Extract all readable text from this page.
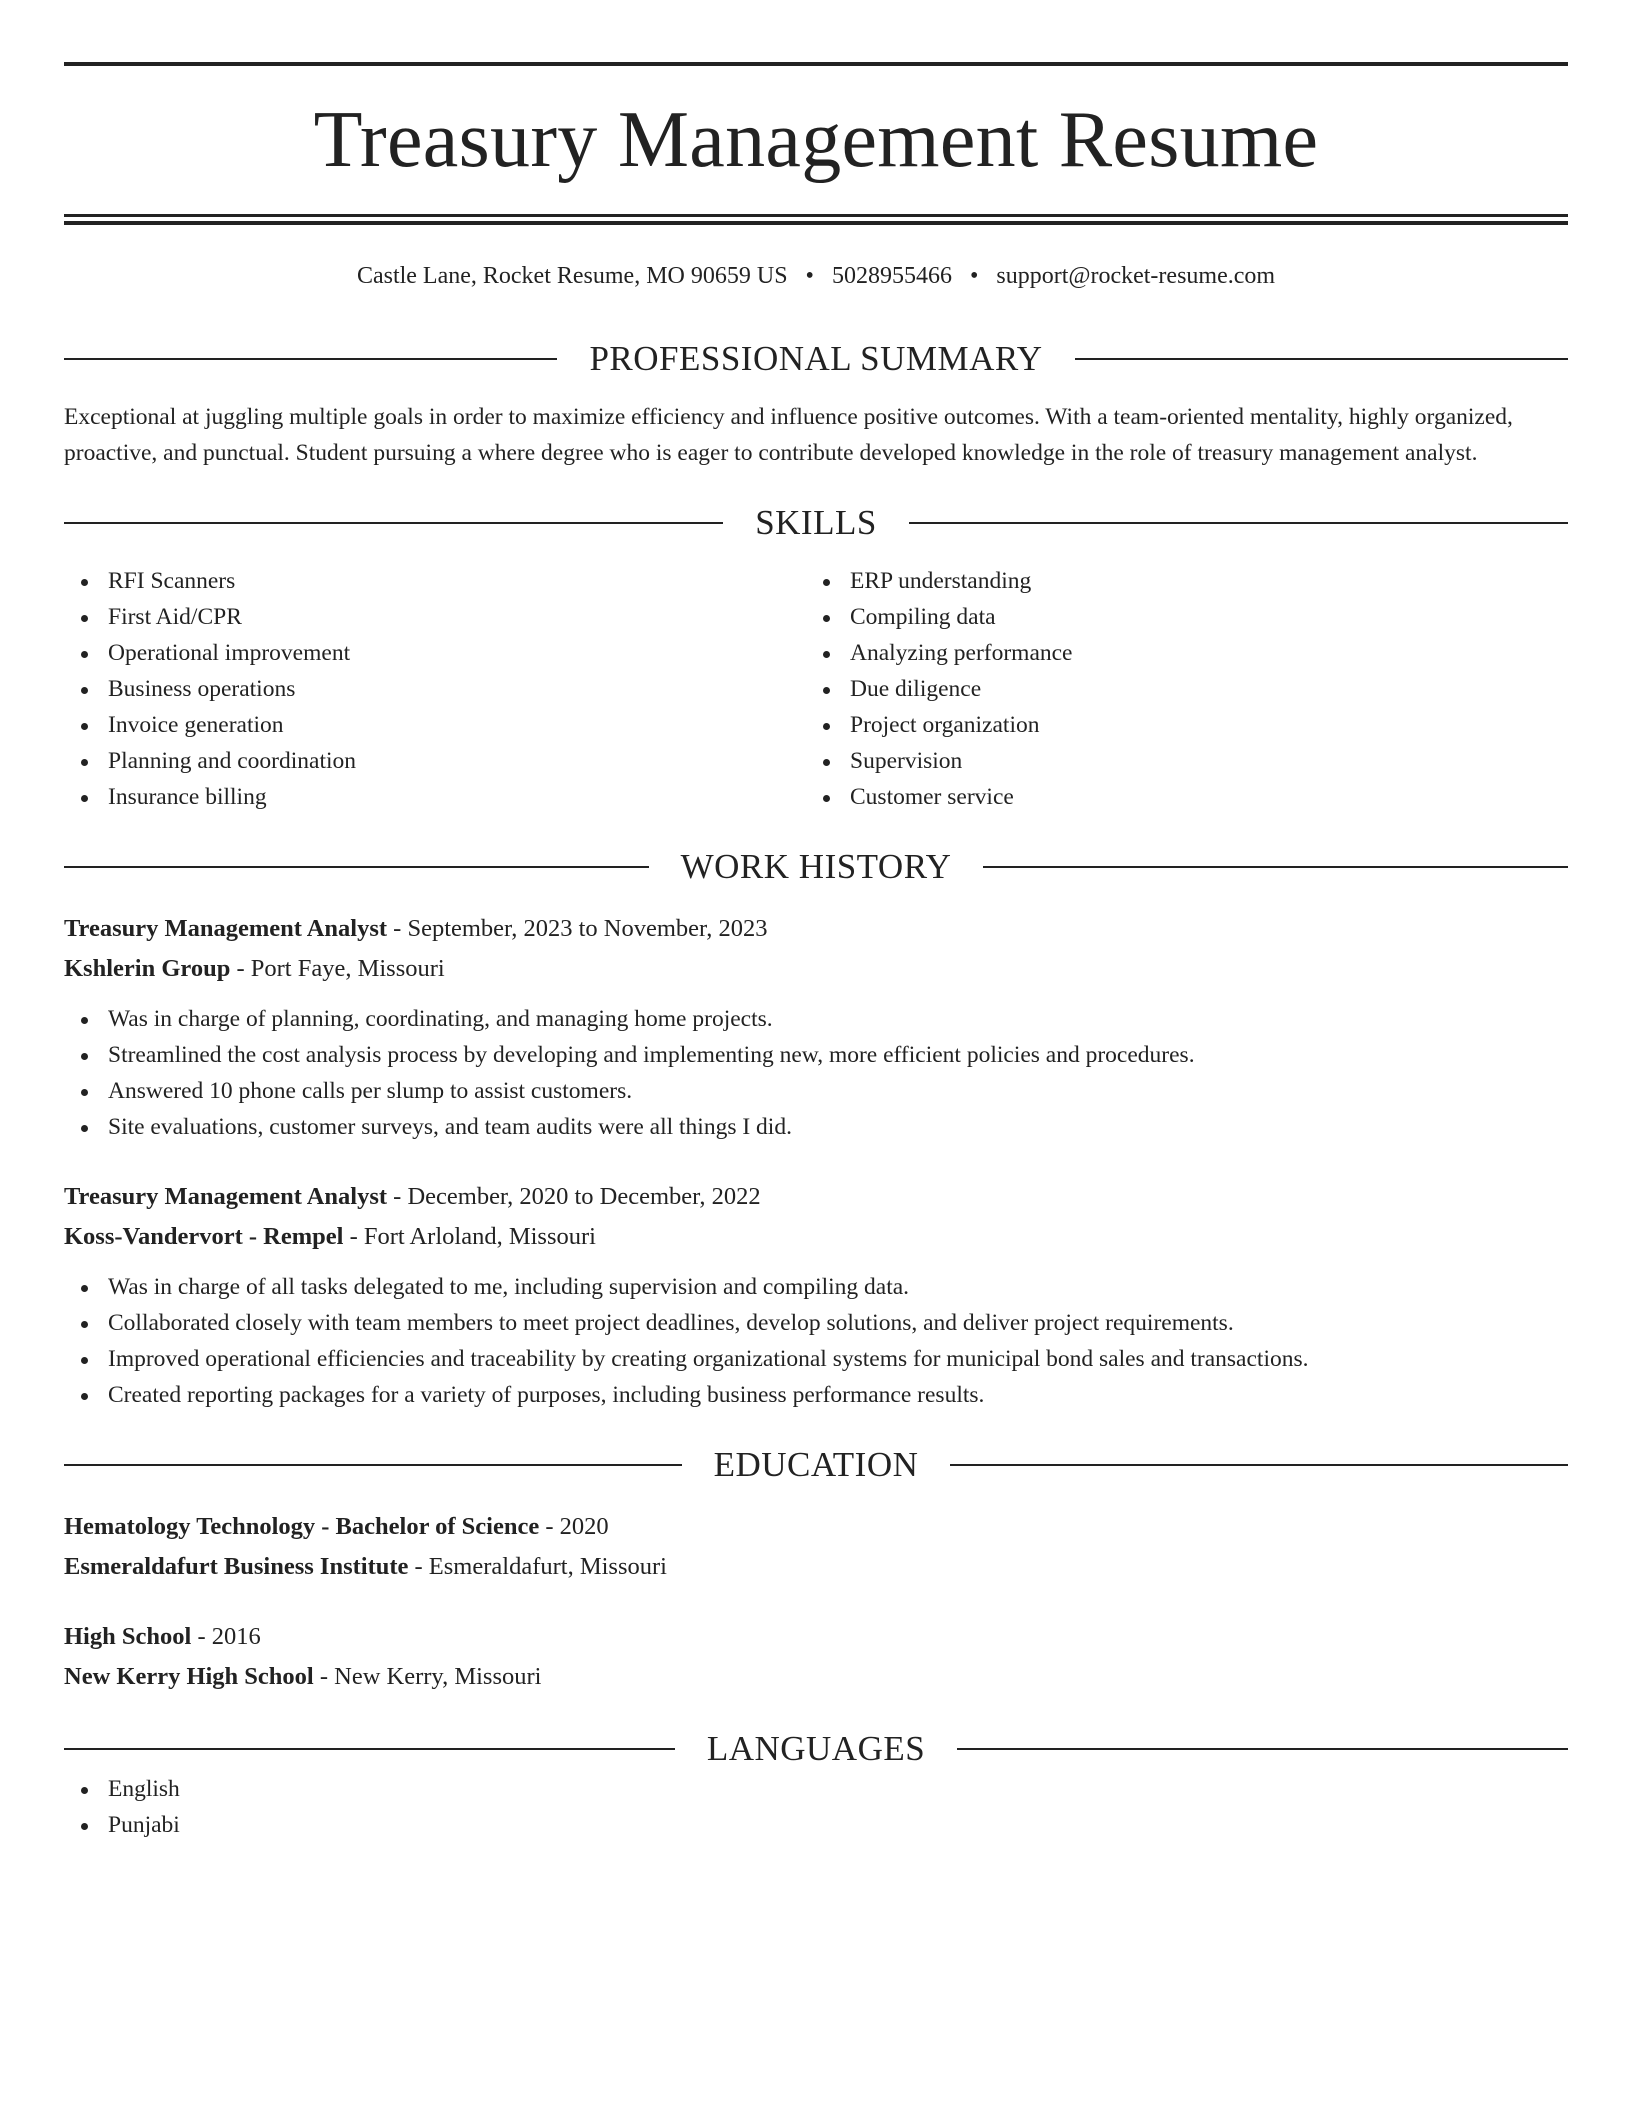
Treasury Management Resume
Castle Lane, Rocket Resume, MO 90659 US • 5028955466 • support@rocket-resume.com
PROFESSIONAL SUMMARY

Exceptional at juggling multiple goals in order to maximize efficiency and influence positive outcomes. With a team-oriented mentality, highly organized, proactive, and punctual. Student pursuing a where degree who is eager to contribute developed knowledge in the role of treasury management analyst.

SKILLS
RFI Scanners
First Aid/CPR
Operational improvement
Business operations
Invoice generation
Planning and coordination
Insurance billing
ERP understanding
Compiling data
Analyzing performance
Due diligence
Project organization
Supervision
Customer service
WORK HISTORY
Treasury Management Analyst - September, 2023 to November, 2023
Kshlerin Group - Port Faye, Missouri
Was in charge of planning, coordinating, and managing home projects.
Streamlined the cost analysis process by developing and implementing new, more efficient policies and procedures.
Answered 10 phone calls per slump to assist customers.
Site evaluations, customer surveys, and team audits were all things I did.
Treasury Management Analyst - December, 2020 to December, 2022
Koss-Vandervort - Rempel - Fort Arloland, Missouri
Was in charge of all tasks delegated to me, including supervision and compiling data.
Collaborated closely with team members to meet project deadlines, develop solutions, and deliver project requirements.
Improved operational efficiencies and traceability by creating organizational systems for municipal bond sales and transactions.
Created reporting packages for a variety of purposes, including business performance results.
EDUCATION
Hematology Technology - Bachelor of Science - 2020
Esmeraldafurt Business Institute - Esmeraldafurt, Missouri
High School - 2016
New Kerry High School - New Kerry, Missouri
LANGUAGES
English
Punjabi
